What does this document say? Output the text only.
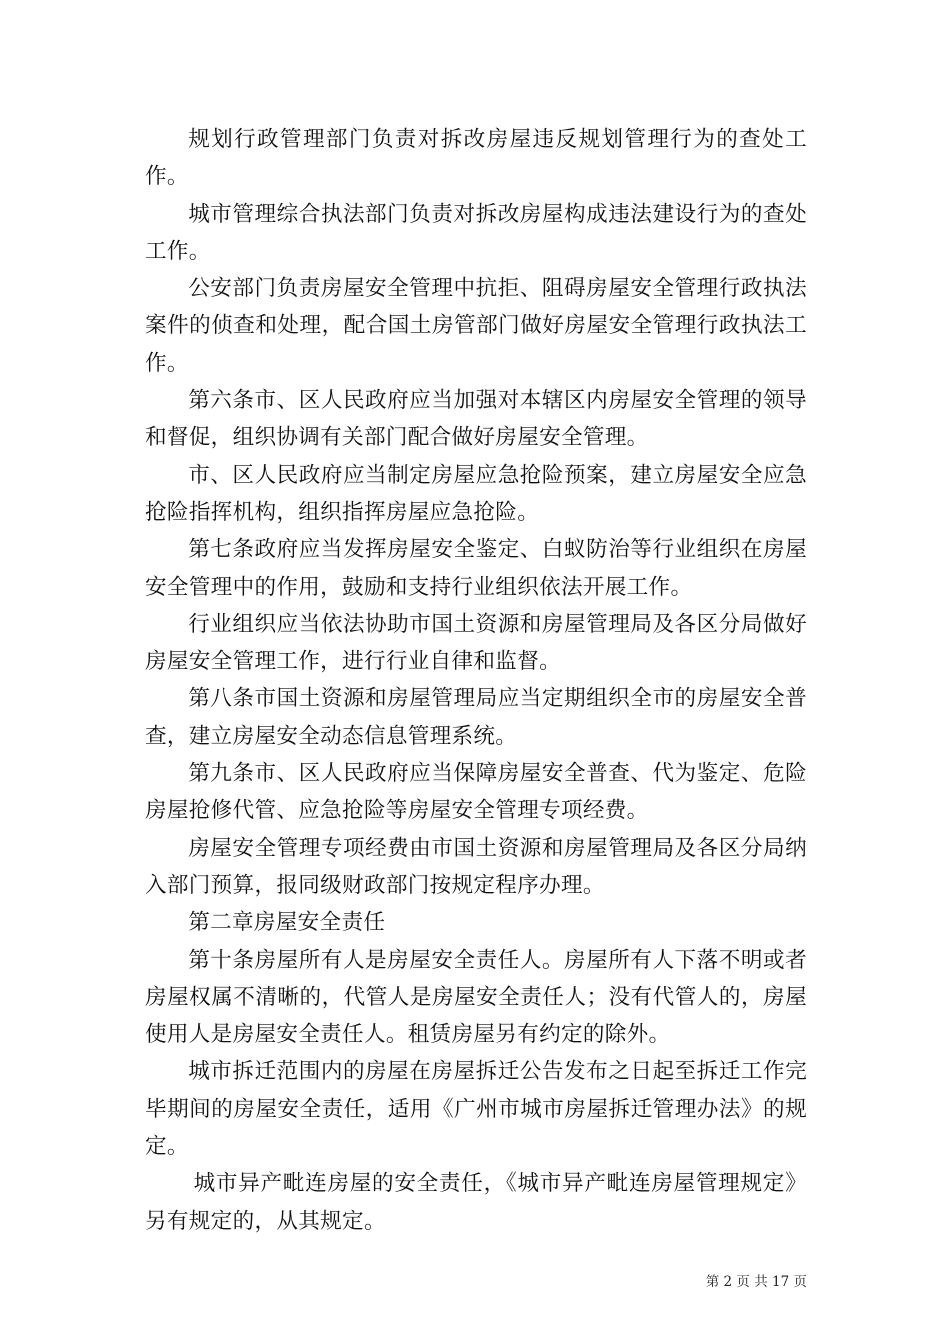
规划行政管理部门负责对拆改房屋违反规划管理行为的查处工作。

城市管理综合执法部门负责对拆改房屋构成违法建设行为的查处工作。

公安部门负责房屋安全管理中抗拒、阻碍房屋安全管理行政执法案件的侦查和处理，配合国土房管部门做好房屋安全管理行政执法工作。

第六条市、区人民政府应当加强对本辖区内房屋安全管理的领导和督促，组织协调有关部门配合做好房屋安全管理。

市、区人民政府应当制定房屋应急抢险预案，建立房屋安全应急抢险指挥机构，组织指挥房屋应急抢险。

第七条政府应当发挥房屋安全鉴定、白蚁防治等行业组织在房屋安全管理中的作用，鼓励和支持行业组织依法开展工作。

行业组织应当依法协助市国土资源和房屋管理局及各区分局做好房屋安全管理工作，进行行业自律和监督。

第八条市国土资源和房屋管理局应当定期组织全市的房屋安全普查，建立房屋安全动态信息管理系统。

第九条市、区人民政府应当保障房屋安全普查、代为鉴定、危险房屋抢修代管、应急抢险等房屋安全管理专项经费。

房屋安全管理专项经费由市国土资源和房屋管理局及各区分局纳入部门预算，报同级财政部门按规定程序办理。

第二章房屋安全责任

第十条房屋所有人是房屋安全责任人。房屋所有人下落不明或者房屋权属不清晰的，代管人是房屋安全责任人；没有代管人的，房屋使用人是房屋安全责任人。租赁房屋另有约定的除外。

城市拆迁范围内的房屋在房屋拆迁公告发布之日起至拆迁工作完毕期间的房屋安全责任，适用《广州市城市房屋拆迁管理办法》的规定。

城市异产毗连房屋的安全责任，《城市异产毗连房屋管理规定》另有规定的，从其规定。

第 2 页 共 17 页
